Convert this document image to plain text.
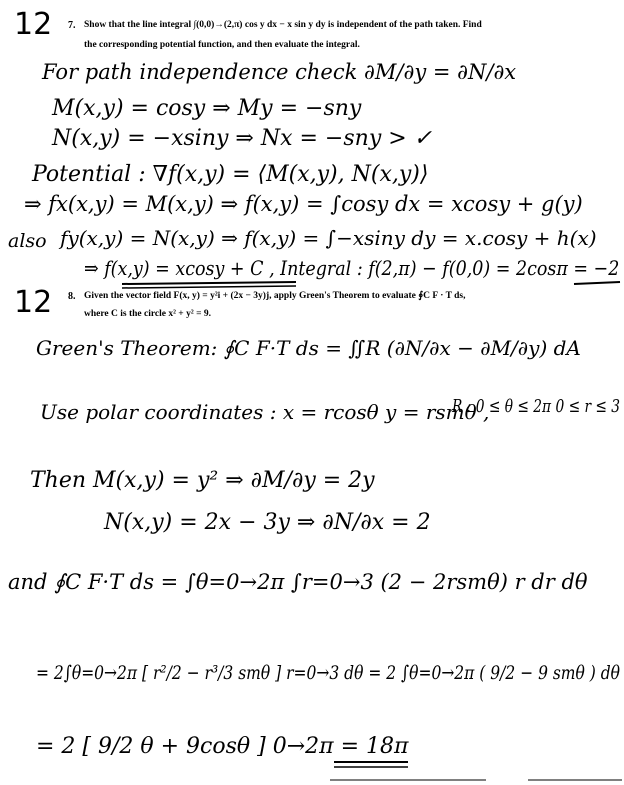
12 7. Show that the line integral ∫(0,0)→(2,π) cos y dx − x sin y dy is independent of the path taken. Find
the corresponding potential function, and then evaluate the integral.
For path independence check ∂M/∂y = ∂N/∂x
M(x,y) = cosy ⇒ My = −sny
N(x,y) = −xsiny ⇒ Nx = −sny > ✓
Potential : ∇f(x,y) = ⟨M(x,y), N(x,y)⟩
⇒ fx(x,y) = M(x,y) ⇒ f(x,y) = ∫cosy dx = xcosy + g(y)
also fy(x,y) = N(x,y) ⇒ f(x,y) = ∫−xsiny dy = x.cosy + h(x)
⇒ f(x,y) = xcosy + C , Integral : f(2,π) − f(0,0) = 2cosπ = −2
12 8. Given the vector field F(x, y) = y²i + (2x − 3y)j, apply Green's Theorem to evaluate ∮C F · T ds,
where C is the circle x² + y² = 9.
Green's Theorem: ∮C F·T ds = ∬R (∂N/∂x − ∂M/∂y) dA
Use polar coordinates : x = rcosθ y = rsmθ ,
R : 0 ≤ θ ≤ 2π 0 ≤ r ≤ 3
Then M(x,y) = y² ⇒ ∂M/∂y = 2y
N(x,y) = 2x − 3y ⇒ ∂N/∂x = 2
and ∮C F·T ds = ∫θ=0→2π ∫r=0→3 (2 − 2rsmθ) r dr dθ
= 2∫θ=0→2π [ r²/2 − r³/3 smθ ] r=0→3 dθ = 2 ∫θ=0→2π ( 9/2 − 9 smθ ) dθ
= 2 [ 9/2 θ + 9cosθ ] 0→2π = 18π
